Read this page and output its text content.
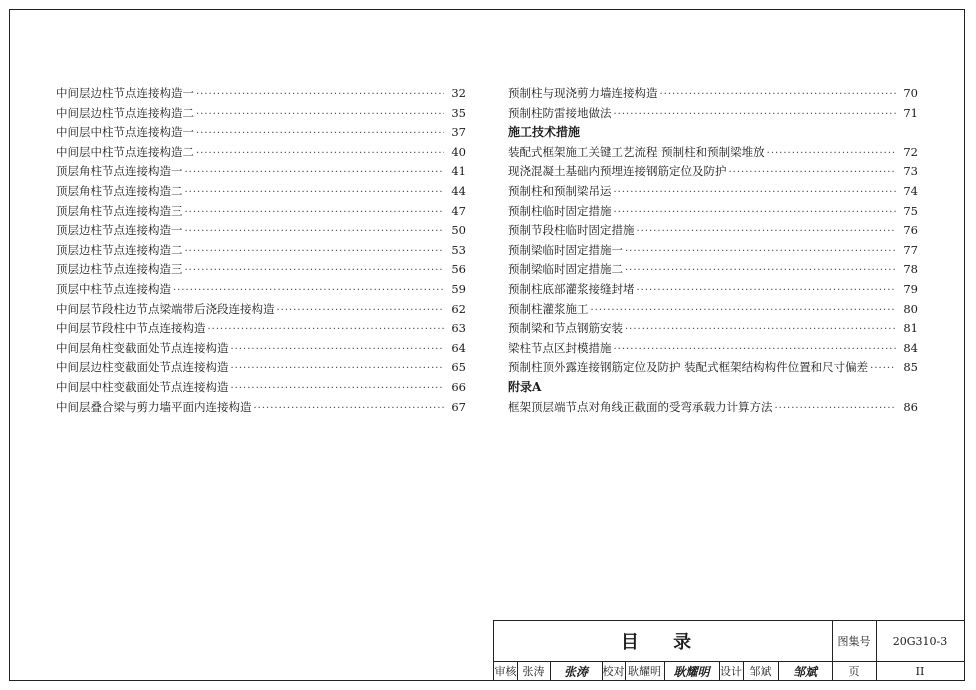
中间层边柱节点连接构造一 ·····	32
中间层边柱节点连接构造二 ·····	35
中间层中柱节点连接构造一 ·····	37
中间层中柱节点连接构造二 ·····	40
顶层角柱节点连接构造一 ·····	41
顶层角柱节点连接构造二 ·····	44
顶层角柱节点连接构造三 ·····	47
顶层边柱节点连接构造一 ·····	50
顶层边柱节点连接构造二 ·····	53
顶层边柱节点连接构造三 ·····	56
顶层中柱节点连接构造 ·····	59
中间层节段柱边节点梁端带后浇段连接构造 ·····	62
中间层节段柱中节点连接构造 ·····	63
中间层角柱变截面处节点连接构造 ·····	64
中间层边柱变截面处节点连接构造 ·····	65
中间层中柱变截面处节点连接构造 ·····	66
中间层叠合梁与剪力墙平面内连接构造 ·····	67
预制柱与现浇剪力墙连接构造 ·····	70
预制柱防雷接地做法 ·····	71
施工技术措施
装配式框架施工关键工艺流程 预制柱和预制梁堆放 ·····	72
现浇混凝土基础内预埋连接钢筋定位及防护 ·····	73
预制柱和预制梁吊运 ·····	74
预制柱临时固定措施 ·····	75
预制节段柱临时固定措施 ·····	76
预制梁临时固定措施一 ·····	77
预制梁临时固定措施二 ·····	78
预制柱底部灌浆接缝封堵 ·····	79
预制柱灌浆施工 ·····	80
预制梁和节点钢筋安装 ·····	81
梁柱节点区封模措施 ·····	84
预制柱顶外露连接钢筋定位及防护 装配式框架结构构件位置和尺寸偏差 ·····	85
附录A
框架顶层端节点对角线正截面的受弯承载力计算方法 ·····	86
目 录	图集号	20G310-3
审核 张涛	张涛	校对 耿耀明	耿耀明 设计 邹斌	邹斌	页	II
